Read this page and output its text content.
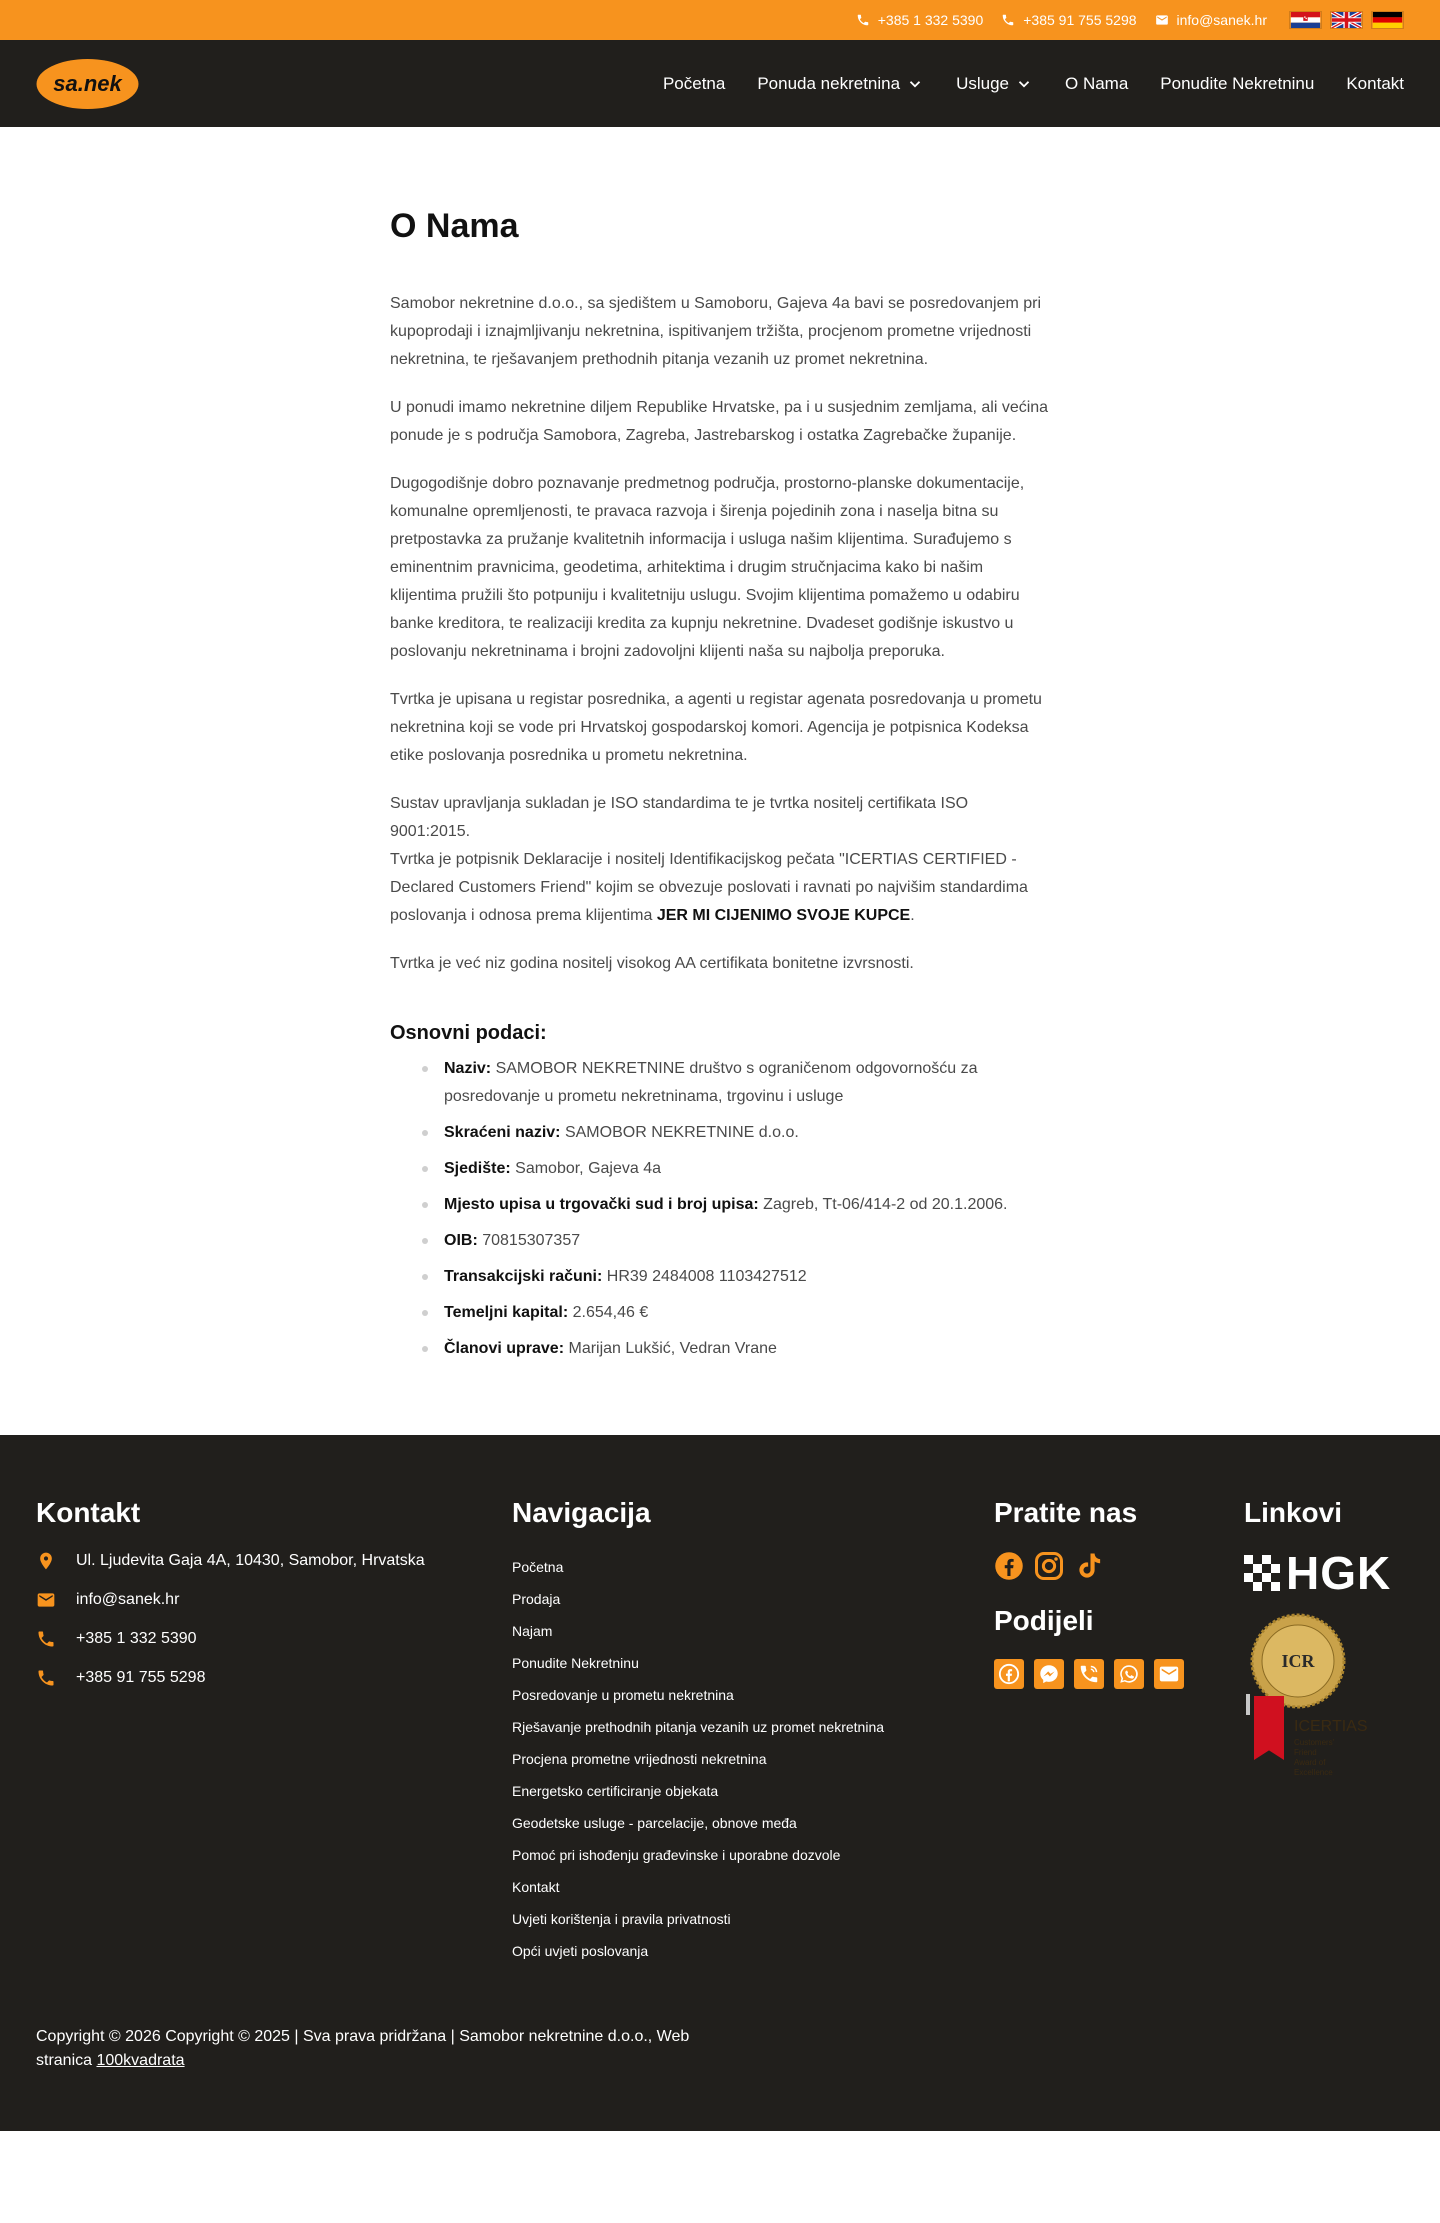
+385 1 332 5390	+385 91 755 5298	info@sanek.hr
sa.nek	Početna Ponuda nekretnina	Usluge	O Nama Ponudite Nekretninu Kontakt
O Nama

Samobor nekretnine d.o.o., sa sjedištem u Samoboru, Gajeva 4a bavi se posredovanjem pri kupoprodaji i iznajmljivanju nekretnina, ispitivanjem tržišta, procjenom prometne vrijednosti nekretnina, te rješavanjem prethodnih pitanja vezanih uz promet nekretnina.

U ponudi imamo nekretnine diljem Republike Hrvatske, pa i u susjednim zemljama, ali većina ponude je s područja Samobora, Zagreba, Jastrebarskog i ostatka Zagrebačke županije.

Dugogodišnje dobro poznavanje predmetnog područja, prostorno-planske dokumentacije, komunalne opremljenosti, te pravaca razvoja i širenja pojedinih zona i naselja bitna su pretpostavka za pružanje kvalitetnih informacija i usluga našim klijentima. Surađujemo s eminentnim pravnicima, geodetima, arhitektima i drugim stručnjacima kako bi našim klijentima pružili što potpuniju i kvalitetniju uslugu. Svojim klijentima pomažemo u odabiru banke kreditora, te realizaciji kredita za kupnju nekretnine. Dvadeset godišnje iskustvo u poslovanju nekretninama i brojni zadovoljni klijenti naša su najbolja preporuka.

Tvrtka je upisana u registar posrednika, a agenti u registar agenata posredovanja u prometu nekretnina koji se vode pri Hrvatskoj gospodarskoj komori. Agencija je potpisnica Kodeksa etike poslovanja posrednika u prometu nekretnina.

Sustav upravljanja sukladan je ISO standardima te je tvrtka nositelj certifikata ISO 9001:2015.
Tvrtka je potpisnik Deklaracije i nositelj Identifikacijskog pečata "ICERTIAS CERTIFIED - Declared Customers Friend" kojim se obvezuje poslovati i ravnati po najvišim standardima poslovanja i odnosa prema klijentima JER MI CIJENIMO SVOJE KUPCE.

Tvrtka je već niz godina nositelj visokog AA certifikata bonitetne izvrsnosti.

Osnovni podaci:
Naziv: SAMOBOR NEKRETNINE društvo s ograničenom odgovornošću za posredovanje u prometu nekretninama, trgovinu i usluge
Skraćeni naziv: SAMOBOR NEKRETNINE d.o.o.
Sjedište: Samobor, Gajeva 4a
Mjesto upisa u trgovački sud i broj upisa: Zagreb, Tt-06/414-2 od 20.1.2006.
OIB: 70815307357
Transakcijski računi: HR39 2484008 1103427512
Temeljni kapital: 2.654,46 €
Članovi uprave: Marijan Lukšić, Vedran Vrane
Kontakt
Ul. Ljudevita Gaja 4A, 10430, Samobor, Hrvatska
info@sanek.hr
+385 1 332 5390
+385 91 755 5298
Navigacija
Početna
Prodaja
Najam
Ponudite Nekretninu
Posredovanje u prometu nekretnina
Rješavanje prethodnih pitanja vezanih uz promet nekretnina
Procjena prometne vrijednosti nekretnina
Energetsko certificiranje objekata
Geodetske usluge - parcelacije, obnove međa
Pomoć pri ishođenju građevinske i uporabne dozvole
Kontakt
Uvjeti korištenja i pravila privatnosti
Opći uvjeti poslovanja
Pratite nas
Podijeli
Linkovi
HGK
ICERTIAS
Customers' Friend
Award of Excellence
ICR
Copyright © 2026 Copyright © 2025 | Sva prava pridržana | Samobor nekretnine d.o.o., Web stranica 100kvadrata
